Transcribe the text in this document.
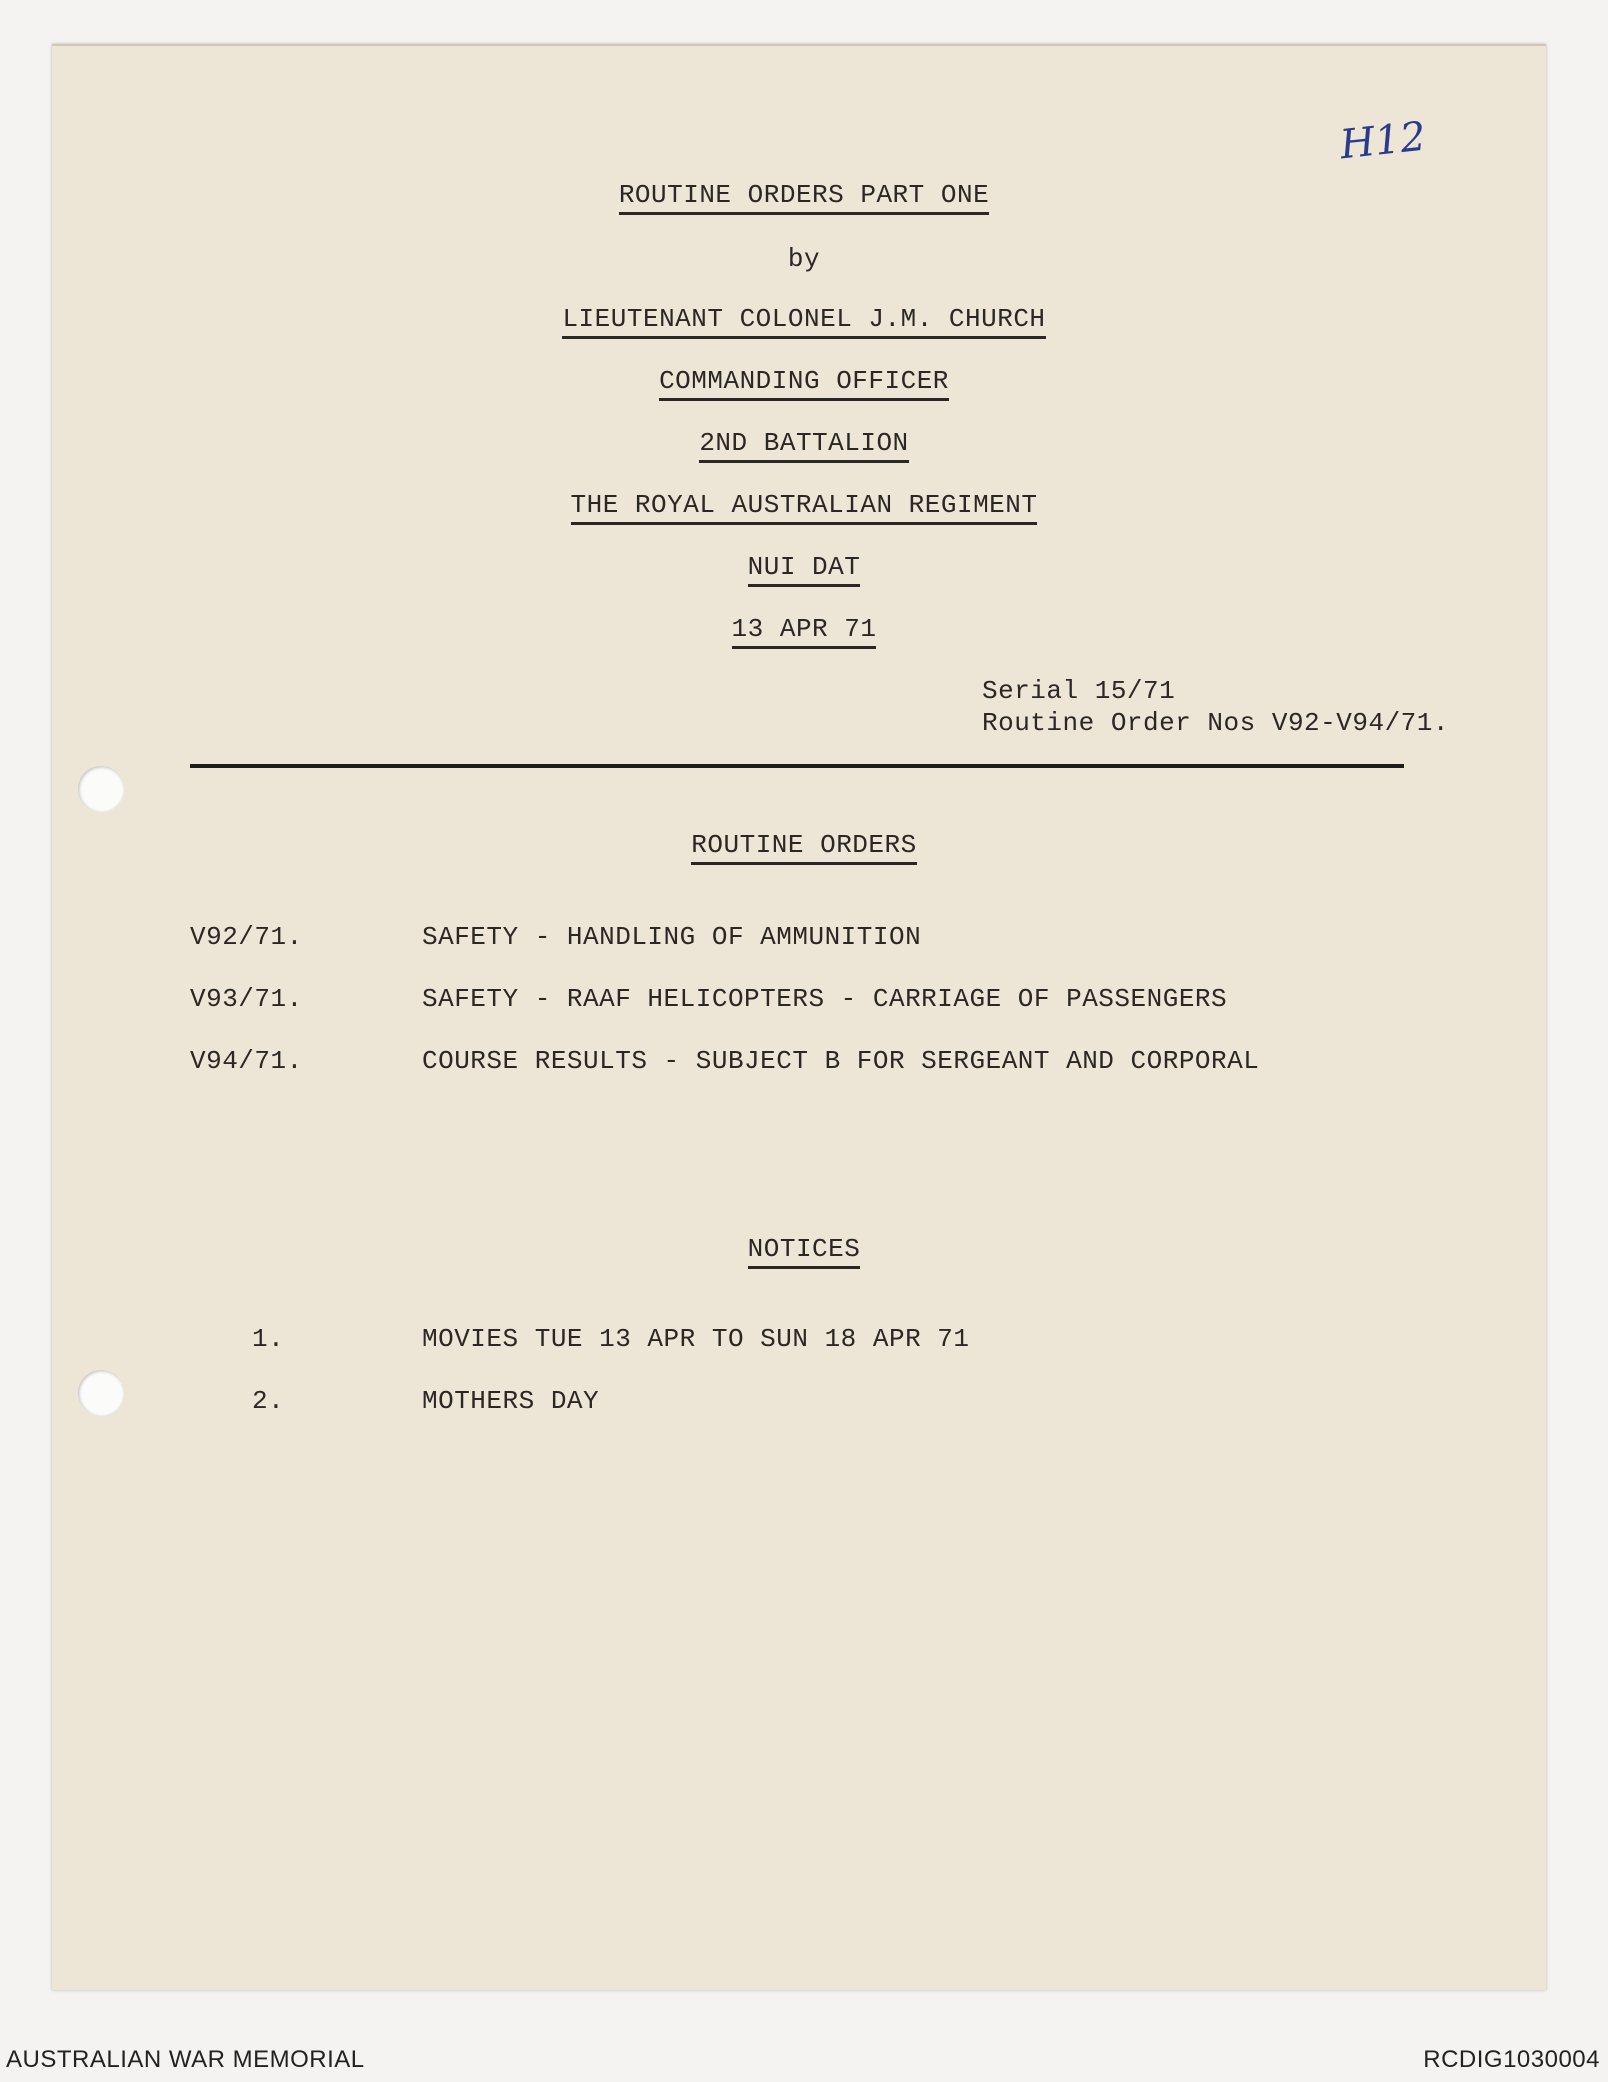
H12
ROUTINE ORDERS PART ONE
by
LIEUTENANT COLONEL J.M. CHURCH
COMMANDING OFFICER
2ND BATTALION
THE ROYAL AUSTRALIAN REGIMENT
NUI DAT
13 APR 71
Serial 15/71
Routine Order Nos V92-V94/71.
ROUTINE ORDERS
V92/71.	SAFETY - HANDLING OF AMMUNITION
V93/71.	SAFETY - RAAF HELICOPTERS - CARRIAGE OF PASSENGERS
V94/71.	COURSE RESULTS - SUBJECT B FOR SERGEANT AND CORPORAL
NOTICES
1.	MOVIES TUE 13 APR TO SUN 18 APR 71
2.	MOTHERS DAY
AUSTRALIAN WAR MEMORIAL	RCDIG1030004
